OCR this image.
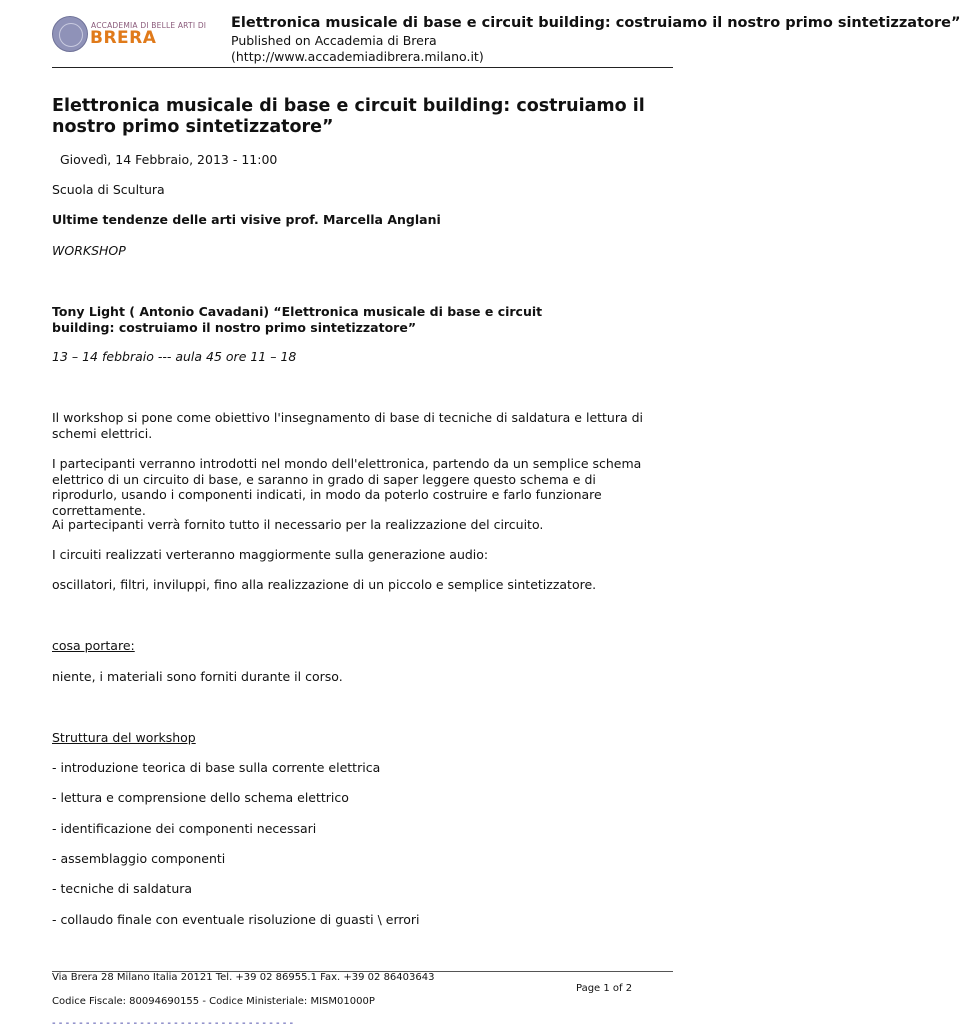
ACCADEMIA DI BELLE ARTI DI
BRERA
Elettronica musicale di base e circuit building: costruiamo il nostro primo sintetizzatore”
Published on Accademia di Brera
(http://www.accademiadibrera.milano.it)
Elettronica musicale di base e circuit building: costruiamo il nostro primo sintetizzatore”
Giovedì, 14 Febbraio, 2013 - 11:00
Scuola di Scultura
Ultime tendenze delle arti visive prof. Marcella Anglani
WORKSHOP
Tony Light ( Antonio Cavadani) “Elettronica musicale di base e circuit building: costruiamo il nostro primo sintetizzatore”
13 – 14 febbraio --- aula 45 ore 11 – 18
Il workshop si pone come obiettivo l'insegnamento di base di tecniche di saldatura e lettura di schemi elettrici.
I partecipanti verranno introdotti nel mondo dell'elettronica, partendo da un semplice schema elettrico di un circuito di base, e saranno in grado di saper leggere questo schema e di riprodurlo, usando i componenti indicati, in modo da poterlo costruire e farlo funzionare correttamente.
Ai partecipanti verrà fornito tutto il necessario per la realizzazione del circuito.
I circuiti realizzati verteranno maggiormente sulla generazione audio:
oscillatori, filtri, inviluppi, fino alla realizzazione di un piccolo e semplice sintetizzatore.
cosa portare:
niente, i materiali sono forniti durante il corso.
Struttura del workshop
- introduzione teorica di base sulla corrente elettrica
- lettura e comprensione dello schema elettrico
- identificazione dei componenti necessari
- assemblaggio componenti
- tecniche di saldatura
- collaudo finale con eventuale risoluzione di guasti \ errori
Via Brera 28 Milano Italia 20121 Tel. +39 02 86955.1 Fax. +39 02 86403643
Codice Fiscale: 80094690155 - Codice Ministeriale: MISM01000P
Page 1 of 2
- - - - - - - - - - - - - - - - - - - - - - - - - - - - - - - - - - - -
